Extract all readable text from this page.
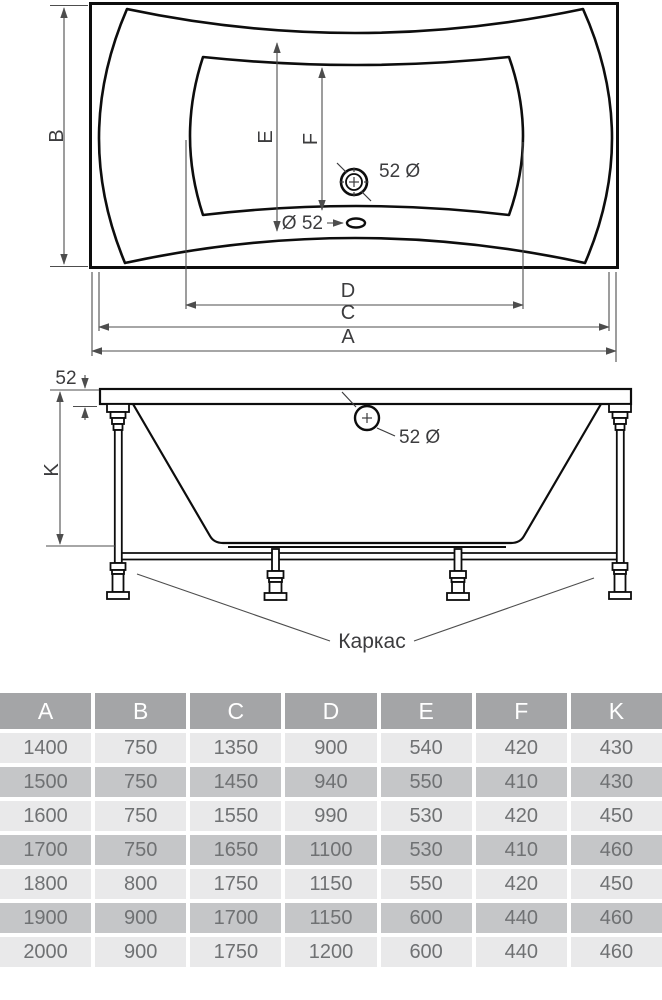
B	E F
52 Ø
Ø 52
D
C
A
52 Ø
52
K
Каркас
A	B	C	D	E	F	K
1400	750	1350	900	540	420	430
1500	750	1450	940	550	410	430
1600	750	1550	990	530	420	450
1700	750	1650	1100	530	410	460
1800	800	1750	1150	550	420	450
1900	900	1700	1150	600	440	460
2000	900	1750	1200	600	440	460
